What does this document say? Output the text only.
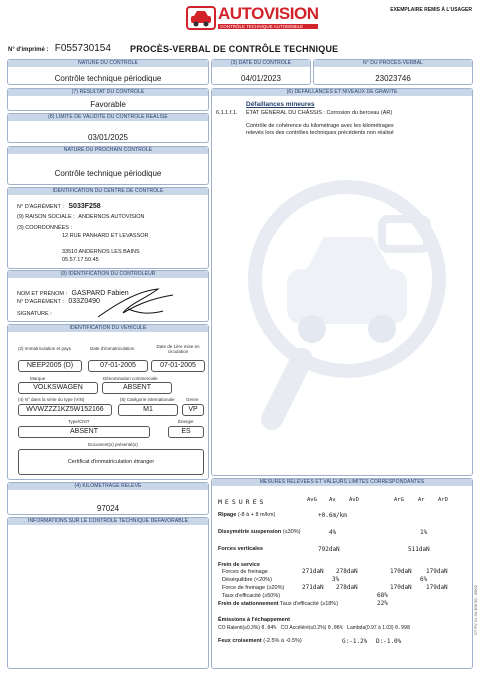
AUTOVISION
CONTRÔLE TECHNIQUE AUTOMOBILE
EXEMPLAIRE REMIS À L'USAGER
N° d'imprimé : F055730154 PROCÈS-VERBAL DE CONTRÔLE TECHNIQUE
NATURE DU CONTRÔLE
Contrôle technique périodique
(3) DATE DU CONTRÔLE
04/01/2023
N° DU PROCÈS-VERBAL
23023746
(7) RÉSULTAT DU CONTRÔLE
Favorable
(8) LIMITE DE VALIDITÉ DU CONTRÔLE RÉALISÉ
03/01/2025
NATURE DU PROCHAIN CONTRÔLE
Contrôle technique périodique
IDENTIFICATION DU CENTRE DE CONTRÔLE
N° D'AGRÉMENT : S033F258
(9) RAISON SOCIALE : ANDERNOS AUTOVISION
(3) COORDONNÉES :
12 RUE PANHARD ET LEVASSOR
33510 ANDERNOS LES BAINS
05.57.17.50.45
(9) IDENTIFICATION DU CONTRÔLEUR
NOM ET PRÉNOM : GASPARD Fabien
N° D'AGRÉMENT : 033Z0490
SIGNATURE :
IDENTIFICATION DU VÉHICULE
(2) Immatriculation et pays	Date d'immatriculation	Date de 1ère mise en circulation
NEEP2005 (D)	07-01-2005	07-01-2005
Marque	Dénomination commerciale
VOLKSWAGEN	ABSENT
(4) N° dans la série du type (VIN)	(5) Catégorie internationale	Genre
WVWZZZ1KZ5W152166	M1	VP
Type/CNIT	Énergie
ABSENT	ES
Document(s) présenté(s)
Certificat d'immatriculation étranger
(4) KILOMÉTRAGE RELEVÉ
97024
INFORMATIONS SUR LE CONTRÔLE TECHNIQUE DÉFAVORABLE
(6) DÉFAILLANCES ET NIVEAUX DE GRAVITÉ
Défaillances mineures
6.1.1.f.1. ÉTAT GÉNÉRAL DU CHÂSSIS : Corrosion du berceau (AR)
Contrôle de cohérence du kilométrage avec les kilométrages
relevés lors des contrôles techniques précédents non réalisé
MESURES RELEVÉES ET VALEURS LIMITES CORRESPONDANTES
MESURES	AvG Av AvD	ArG	Ar ArD
Ripage (-8 à + 8 m/km)	+0.6m/km
Dissymétrie suspension (≤30%)	4%	1%
Forces verticales	792daN	511daN
Frein de service
Forces de freinage	271daN 278daN	170daN 179daN
Déséquilibre (<20%)	3%	6%
Force de freinage (≥20%)	271daN 278daN	170daN 179daN
Taux d'efficacité (≥50%)	68%
Frein de stationnement Taux d'efficacité (≥18%)	22%
Émissions à l'échappement
CO Ralenti(≤0.3%) 0.04% CO Accéléré(≤0.2%) 0.06% Lambda(0.97 à 1.03) 0.998
Feux croisement (-2.5% à -0.5%)	G:-1.2% D:-1.0%
CT PV VL 04 306 00 - 05/02
